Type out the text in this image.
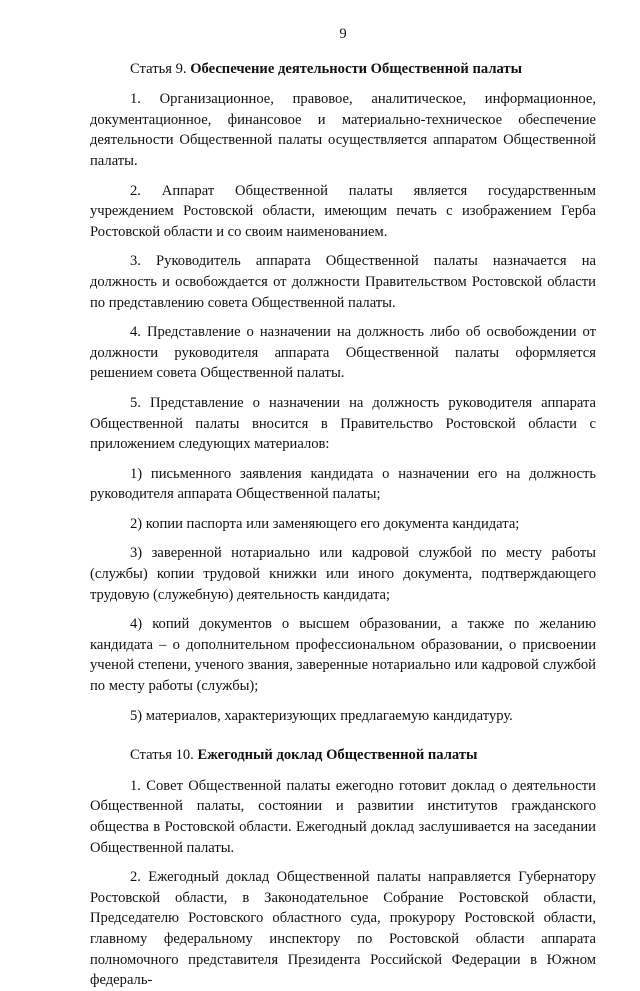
9
Статья 9. Обеспечение деятельности Общественной палаты

1. Организационное, правовое, аналитическое, информационное, документационное, финансовое и материально-техническое обеспечение деятельности Общественной палаты осуществляется аппаратом Общественной палаты.

2. Аппарат Общественной палаты является государственным учреждением Ростовской области, имеющим печать с изображением Герба Ростовской области и со своим наименованием.

3. Руководитель аппарата Общественной палаты назначается на должность и освобождается от должности Правительством Ростовской области по представлению совета Общественной палаты.

4. Представление о назначении на должность либо об освобождении от должности руководителя аппарата Общественной палаты оформляется решением совета Общественной палаты.

5. Представление о назначении на должность руководителя аппарата Общественной палаты вносится в Правительство Ростовской области с приложением следующих материалов:

1) письменного заявления кандидата о назначении его на должность руководителя аппарата Общественной палаты;

2) копии паспорта или заменяющего его документа кандидата;

3) заверенной нотариально или кадровой службой по месту работы (службы) копии трудовой книжки или иного документа, подтверждающего трудовую (служебную) деятельность кандидата;

4) копий документов о высшем образовании, а также по желанию кандидата – о дополнительном профессиональном образовании, о присвоении ученой степени, ученого звания, заверенные нотариально или кадровой службой по месту работы (службы);

5) материалов, характеризующих предлагаемую кандидатуру.

Статья 10. Ежегодный доклад Общественной палаты

1. Совет Общественной палаты ежегодно готовит доклад о деятельности Общественной палаты, состоянии и развитии институтов гражданского общества в Ростовской области. Ежегодный доклад заслушивается на заседании Общественной палаты.

2. Ежегодный доклад Общественной палаты направляется Губернатору Ростовской области, в Законодательное Собрание Ростовской области, Председателю Ростовского областного суда, прокурору Ростовской области, главному федеральному инспектору по Ростовской области аппарата полномочного представителя Президента Российской Федерации в Южном федераль-
